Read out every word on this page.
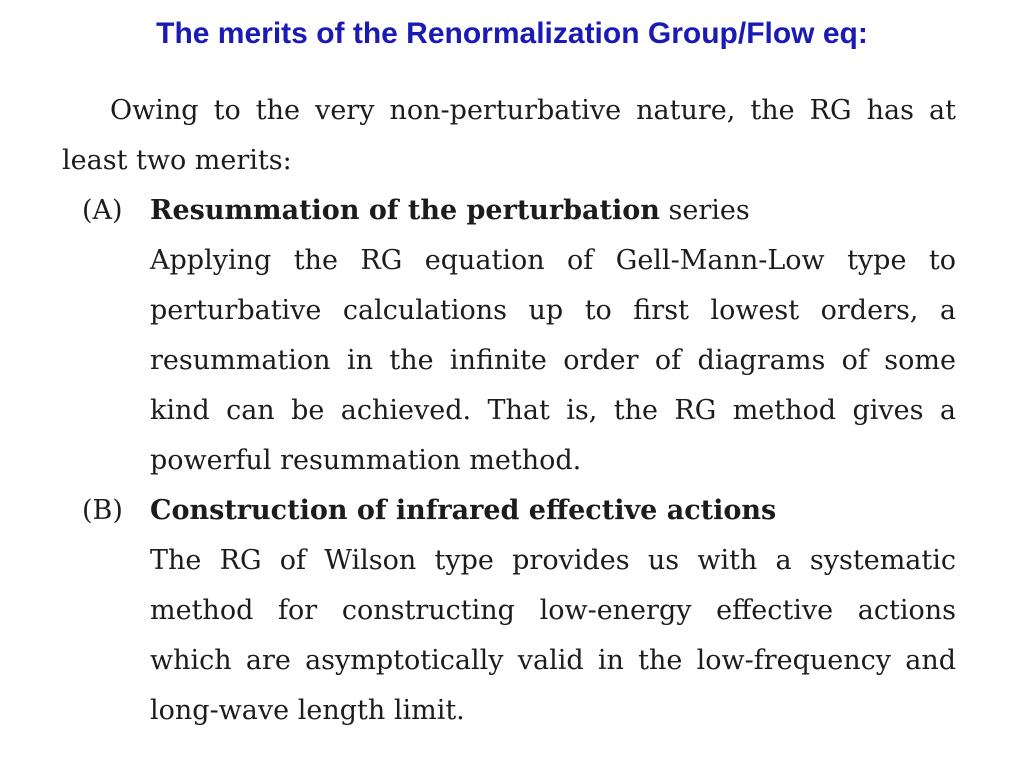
The merits of the Renormalization Group/Flow eq:

Owing to the very non-perturbative nature, the RG has at least two merits:

(A) Resummation of the perturbation series

Applying the RG equation of Gell-Mann-Low type to perturbative calculations up to first lowest orders, a resummation in the infinite order of diagrams of some kind can be achieved. That is, the RG method gives a powerful resummation method.

(B) Construction of infrared effective actions

The RG of Wilson type provides us with a systematic method for constructing low-energy effective actions which are asymptotically valid in the low-frequency and long-wave length limit.
